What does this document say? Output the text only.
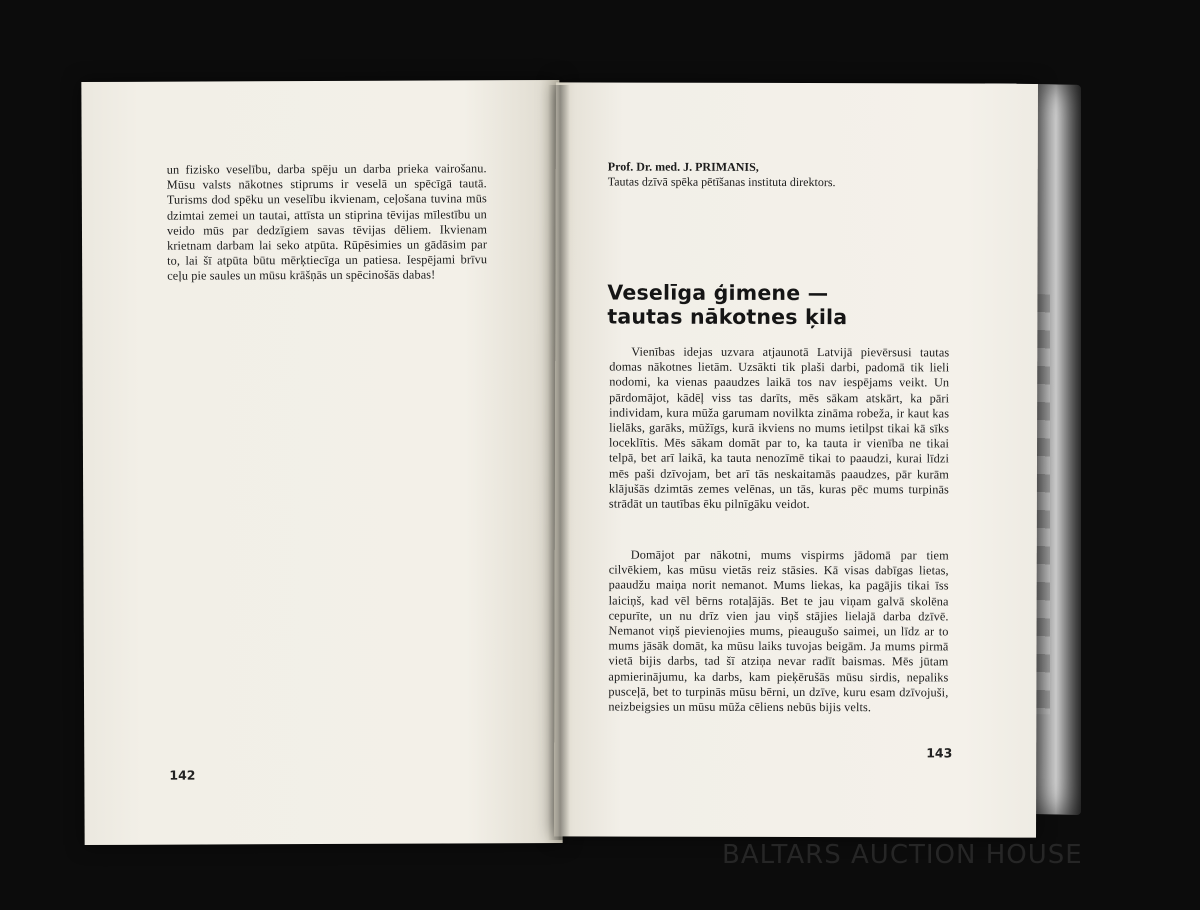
un fizisko veselību, darba spēju un darba prieka vairošanu. Mūsu valsts nākotnes stiprums ir veselā un spēcīgā tautā. Turisms dod spēku un veselību ikvienam, ceļošana tuvina mūs dzimtai zemei un tautai, attīsta un stiprina tēvijas mīlestību un veido mūs par dedzīgiem savas tēvijas dēliem. Ikvienam krietnam darbam lai seko atpūta. Rūpēsimies un gādāsim par to, lai šī atpūta būtu mērķtiecīga un patiesa. Iespējami brīvu ceļu pie saules un mūsu krāšņās un spēcinošās dabas!

142
Prof. Dr. med. J. PRIMANIS,
Tautas dzīvā spēka pētīšanas instituta direktors.
Veselīga ģimene —
tautas nākotnes ķila

Vienības idejas uzvara atjaunotā Latvijā pievērsusi tautas domas nākotnes lietām. Uzsākti tik plaši darbi, padomā tik lieli nodomi, ka vienas paaudzes laikā tos nav iespējams veikt. Un pārdomājot, kādēļ viss tas darīts, mēs sākam atskārt, ka pāri individam, kura mūža garumam novilkta zināma robeža, ir kaut kas lielāks, garāks, mūžīgs, kurā ikviens no mums ietilpst tikai kā sīks loceklītis. Mēs sākam domāt par to, ka tauta ir vienība ne tikai telpā, bet arī laikā, ka tauta nenozīmē tikai to paaudzi, kurai līdzi mēs paši dzīvojam, bet arī tās neskaitamās paaudzes, pār kurām klājušās dzimtās zemes velēnas, un tās, kuras pēc mums turpinās strādāt un tautības ēku pilnīgāku veidot.

Domājot par nākotni, mums vispirms jādomā par tiem cilvēkiem, kas mūsu vietās reiz stāsies. Kā visas dabīgas lietas, paaudžu maiņa norit nemanot. Mums liekas, ka pagājis tikai īss laiciņš, kad vēl bērns rotaļājās. Bet te jau viņam galvā skolēna cepurīte, un nu drīz vien jau viņš stājies lielajā darba dzīvē. Nemanot viņš pievienojies mums, pieaugušo saimei, un līdz ar to mums jāsāk domāt, ka mūsu laiks tuvojas beigām. Ja mums pirmā vietā bijis darbs, tad šī atziņa nevar radīt baismas. Mēs jūtam apmierinājumu, ka darbs, kam pieķērušās mūsu sirdis, nepaliks pusceļā, bet to turpinās mūsu bērni, un dzīve, kuru esam dzīvojuši, neizbeigsies un mūsu mūža cēliens nebūs bijis velts.

143
BALTARS AUCTION HOUSE
